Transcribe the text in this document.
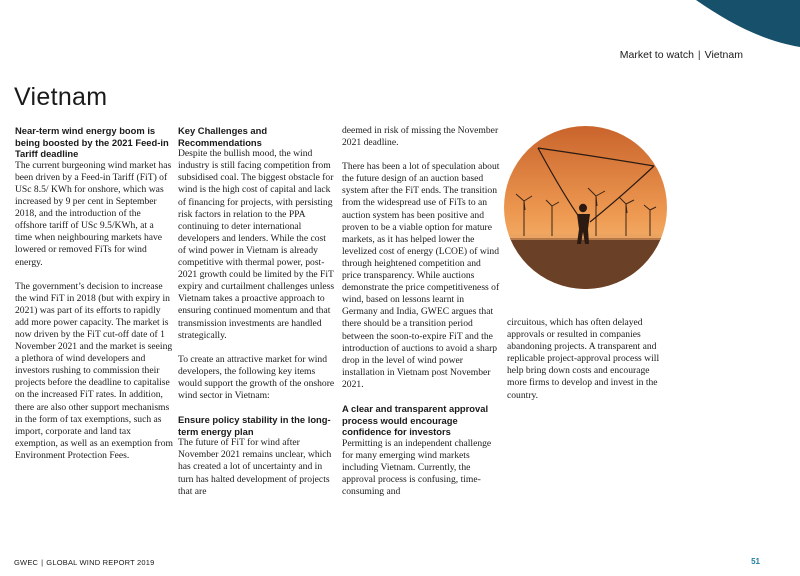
Market to watch | Vietnam
Vietnam
Near-term wind energy boom is being boosted by the 2021 Feed-in Tariff deadline

The current burgeoning wind market has been driven by a Feed-in Tariff (FiT) of USc 8.5/ KWh for onshore, which was increased by 9 per cent in September 2018, and the introduction of the offshore tariff of USc 9.5/KWh, at a time when neighbouring markets have lowered or removed FiTs for wind energy.

The government’s decision to increase the wind FiT in 2018 (but with expiry in 2021) was part of its efforts to rapidly add more power capacity. The market is now driven by the FiT cut-off date of 1 November 2021 and the market is seeing a plethora of wind developers and investors rushing to commission their projects before the deadline to capitalise on the increased FiT rates. In addition, there are also other support mechanisms in the form of tax exemptions, such as import, corporate and land tax exemption, as well as an exemption from Environment Protection Fees.

Key Challenges and Recommendations

Despite the bullish mood, the wind industry is still facing competition from subsidised coal. The biggest obstacle for wind is the high cost of capital and lack of financing for projects, with persisting risk factors in relation to the PPA continuing to deter international developers and lenders. While the cost of wind power in Vietnam is already competitive with thermal power, post-2021 growth could be limited by the FiT expiry and curtailment challenges unless Vietnam takes a proactive approach to ensuring continued momentum and that transmission investments are handled strategically.

To create an attractive market for wind developers, the following key items would support the growth of the onshore wind sector in Vietnam:

Ensure policy stability in the long-term energy plan

The future of FiT for wind after November 2021 remains unclear, which has created a lot of uncertainty and in turn has halted development of projects that are

deemed in risk of missing the November 2021 deadline.

There has been a lot of speculation about the future design of an auction based system after the FiT ends. The transition from the widespread use of FiTs to an auction system has been positive and proven to be a viable option for mature markets, as it has helped lower the levelized cost of energy (LCOE) of wind through heightened competition and price transparency. While auctions demonstrate the price competitiveness of wind, based on lessons learnt in Germany and India, GWEC argues that there should be a transition period between the soon-to-expire FiT and the introduction of auctions to avoid a sharp drop in the level of wind power installation in Vietnam post November 2021.

A clear and transparent approval process would encourage confidence for investors

Permitting is an independent challenge for many emerging wind markets including Vietnam. Currently, the approval process is confusing, time-consuming and

circuitous, which has often delayed approvals or resulted in companies abandoning projects. A transparent and replicable project-approval process will help bring down costs and encourage more firms to develop and invest in the country.

GWEC | GLOBAL WIND REPORT 2019	51
